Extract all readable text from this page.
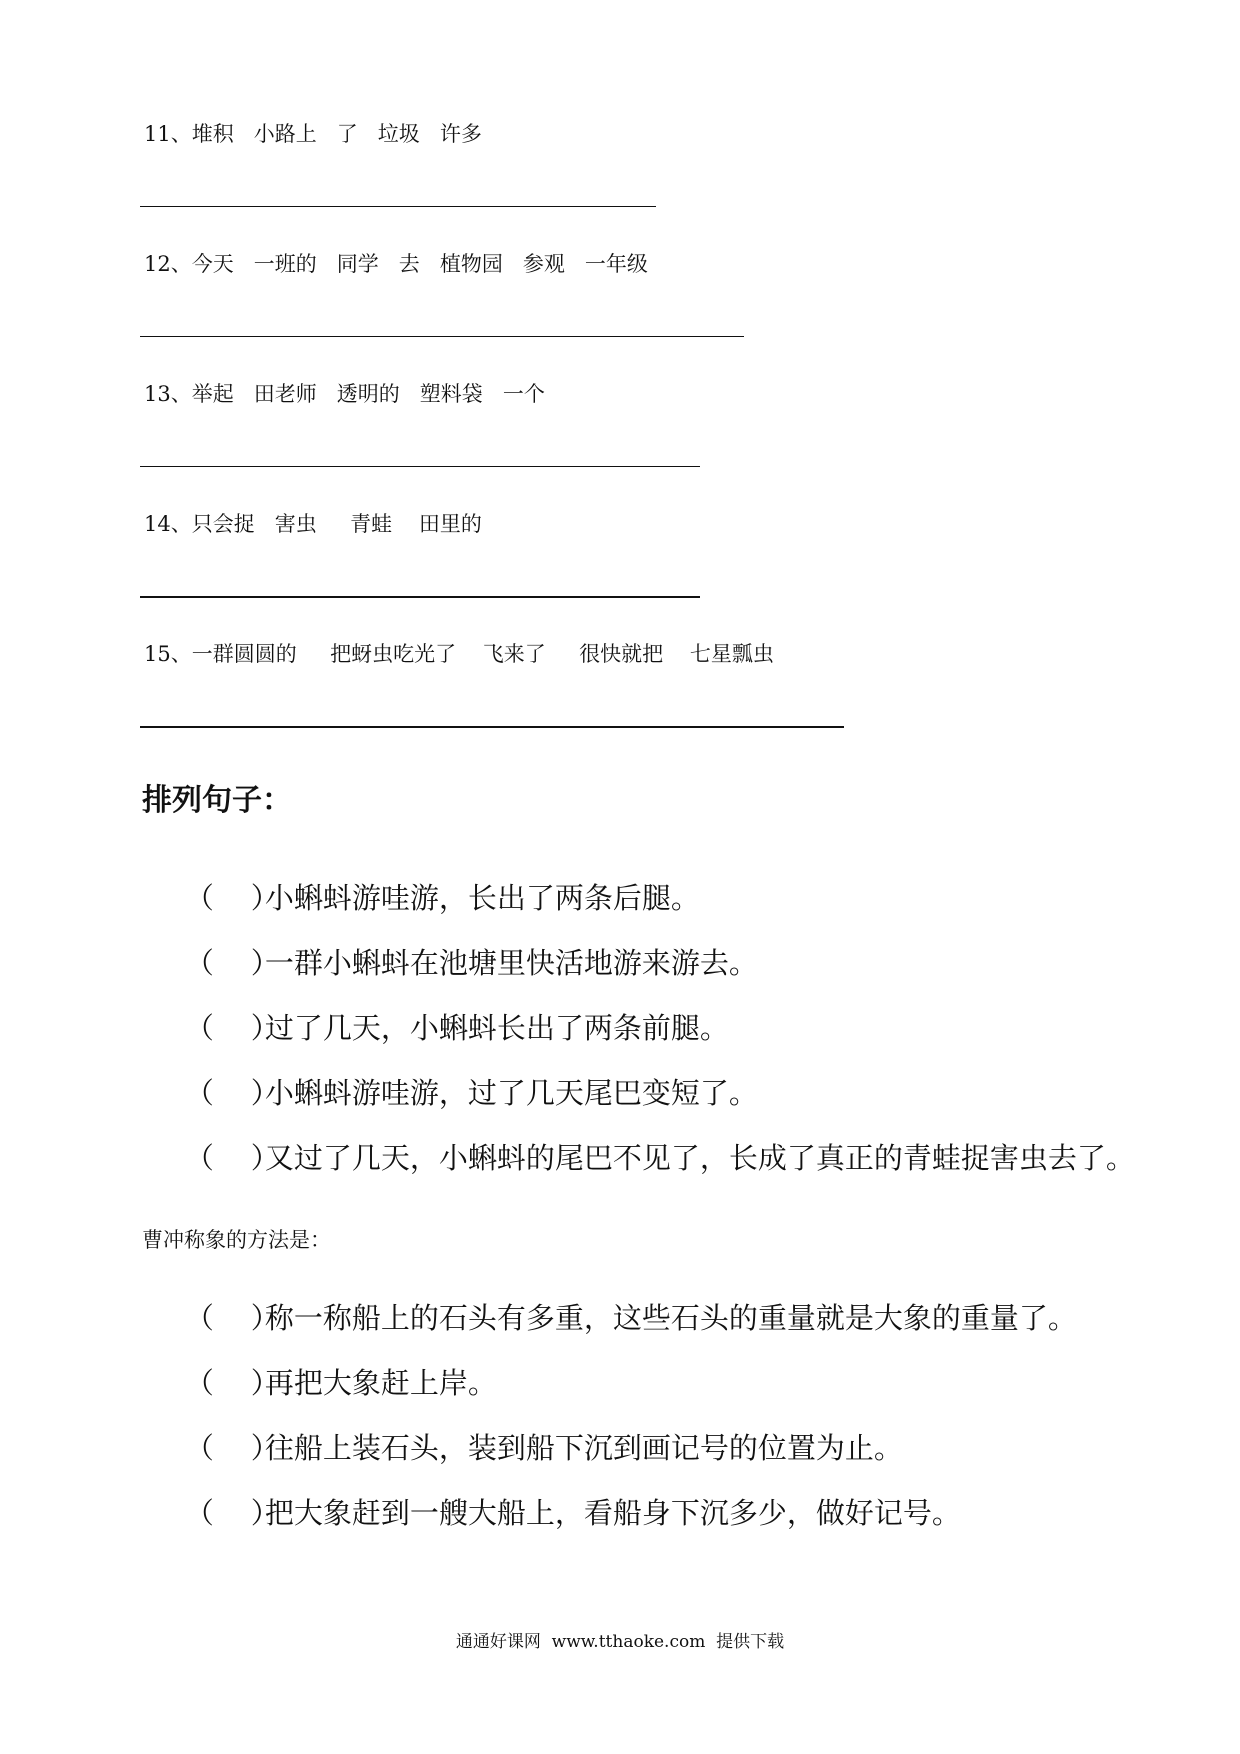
11、堆积   小路上   了   垃圾   许多
12、今天   一班的   同学   去   植物园   参观   一年级
13、举起   田老师   透明的   塑料袋   一个
14、只会捉   害虫     青蛙    田里的
15、一群圆圆的     把蚜虫吃光了    飞来了     很快就把    七星瓢虫
排列句子：

（    ）小蝌蚪游哇游，长出了两条后腿。

（    ）一群小蝌蚪在池塘里快活地游来游去。

（    ）过了几天，小蝌蚪长出了两条前腿。

（    ）小蝌蚪游哇游，过了几天尾巴变短了。

（    ）又过了几天，小蝌蚪的尾巴不见了，长成了真正的青蛙捉害虫去了。

曹冲称象的方法是：

（    ）称一称船上的石头有多重，这些石头的重量就是大象的重量了。

（    ）再把大象赶上岸。

（    ）往船上装石头，装到船下沉到画记号的位置为止。

（    ）把大象赶到一艘大船上，看船身下沉多少，做好记号。

通通好课网  www.tthaoke.com  提供下载
